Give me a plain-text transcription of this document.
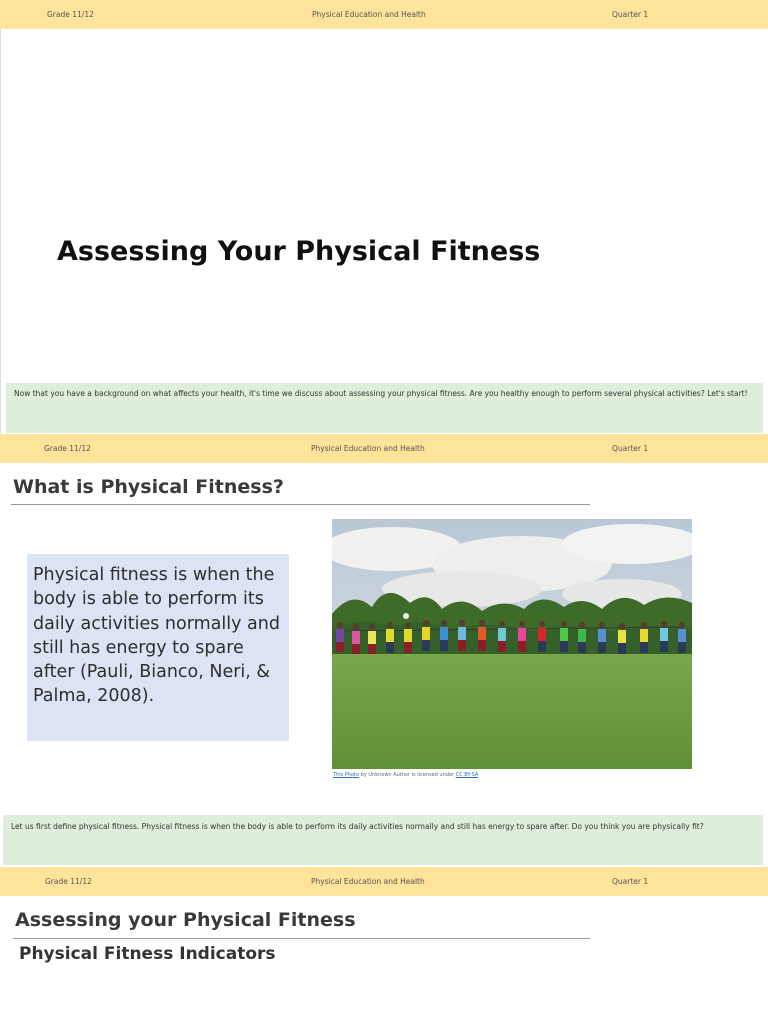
Grade 11/12	Physical Education and Health	Quarter 1
Assessing Your Physical Fitness

Now that you have a background on what affects your health, it's time we discuss about assessing your physical fitness. Are you healthy enough to perform several physical activities? Let's start!

Grade 11/12	Physical Education and Health	Quarter 1
What is Physical Fitness?

Physical fitness is when the body is able to perform its daily activities normally and still has energy to spare after (Pauli, Bianco, Neri, & Palma, 2008).

This Photo by Unknown Author is licensed under CC BY-SA

Let us first define physical fitness. Physical fitness is when the body is able to perform its daily activities normally and still has energy to spare after. Do you think you are physically fit?

Grade 11/12	Physical Education and Health	Quarter 1
Assessing your Physical Fitness
Physical Fitness Indicators
